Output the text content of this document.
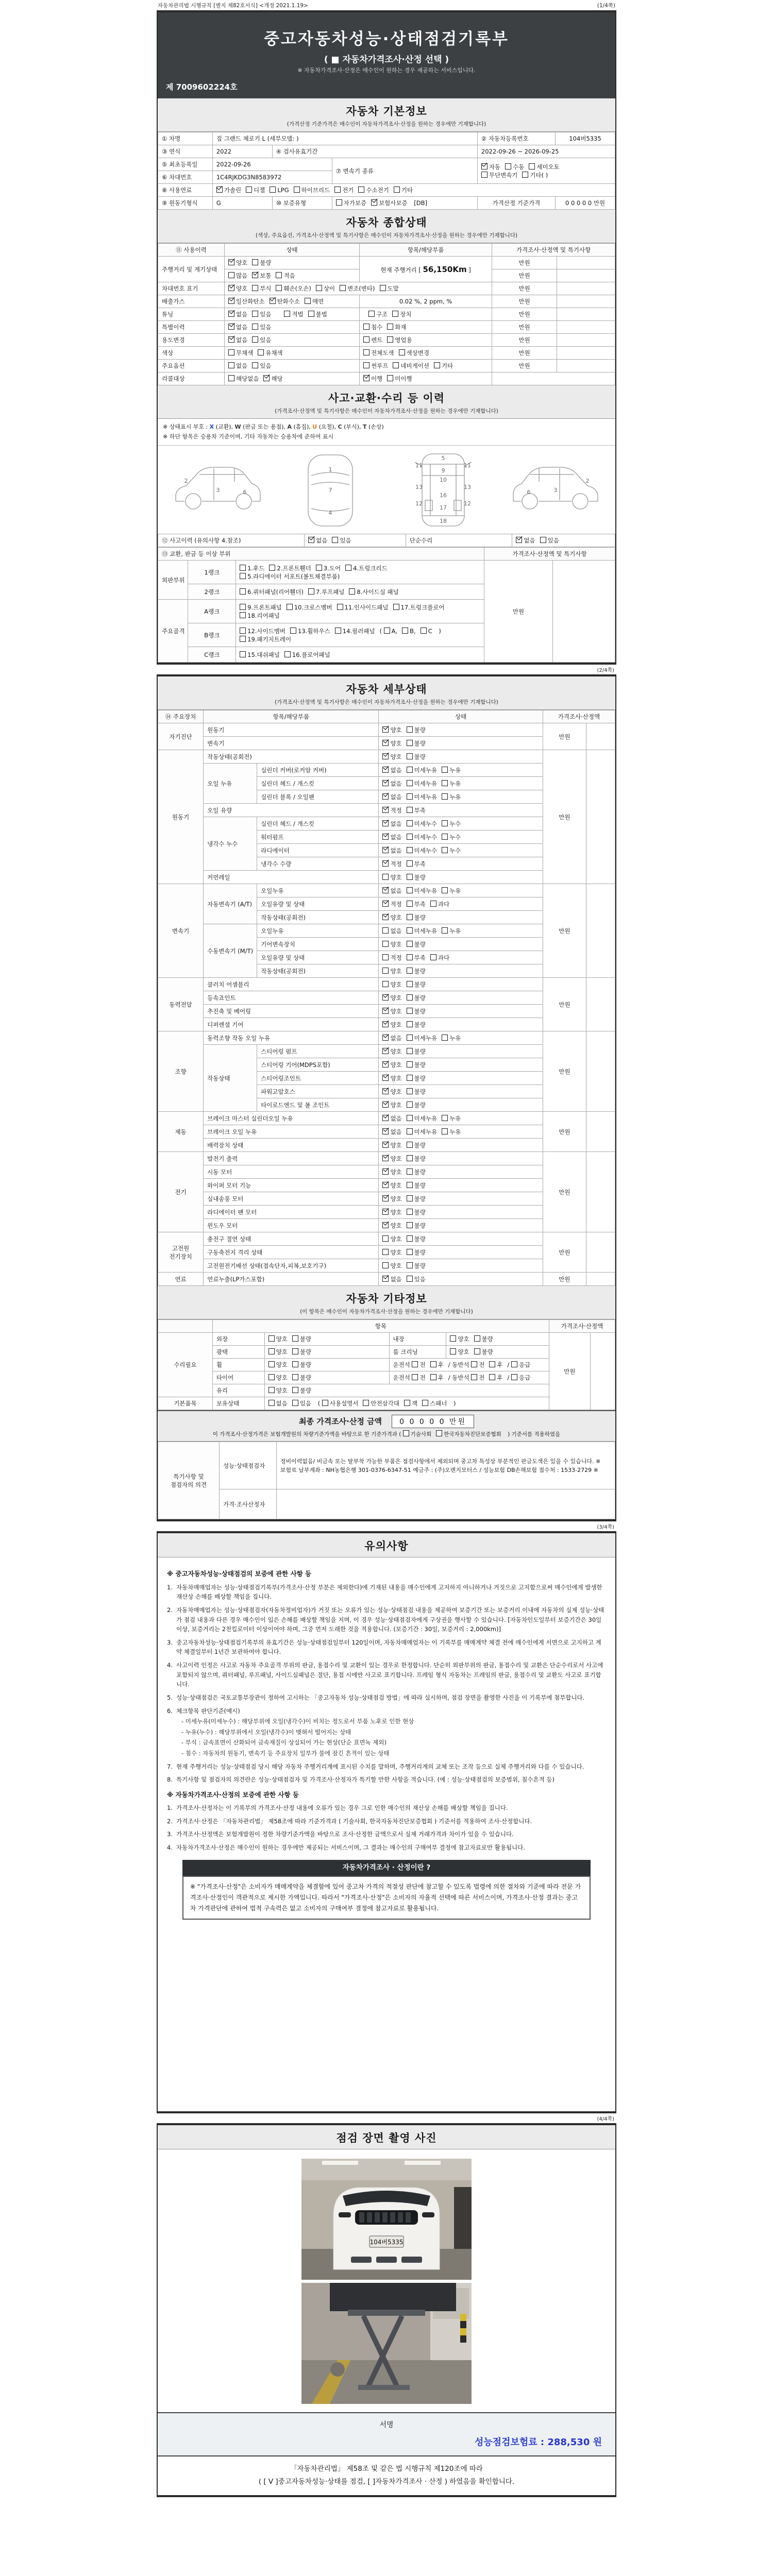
자동차관리법 시행규칙 [별지 제82호서식] <개정 2021.1.19>	(1/4쪽)
중고자동차성능·상태점검기록부
( ■ 자동차가격조사·산정 선택 )
※ 자동차가격조사·산정은 매수인이 원하는 경우 제공하는 서비스입니다.
제 7009602224호
자동차 기본정보
(가격산정 기준가격은 매수인이 자동차가격조사·산정을 원하는 경우에만 기재합니다)
① 차명	짚 그랜드 체로키 L (세부모델: )			② 자동차등록번호	104버5335
③ 연식	2022	④ 검사유효기간		2022-09-26 ~ 2026-09-25	
⑤ 최초등록일	2022-09-26		⑦ 변속기 종류	자동 수동 세미오토
무단변속기 기타( )	
⑥ 차대번호	1C4RJKDG3N8583972				
⑧ 사용연료	가솔린 디젤 LPG 하이브리드 전기 수소전기 기타				
⑨ 원동기형식	G	⑩ 보증유형	자가보증 보험사보증 [DB]	가격산정 기준가격	0 0 0 0 0 만원
자동차 종합상태
(색상, 주요옵션, 가격조사·산정액 및 특기사항은 매수인이 자동차가격조사·산정을 원하는 경우에만 기재합니다)
⑪ 사용이력	상태	항목/해당부품	가격조사·산정액 및 특기사항	
주행거리 및 계기상태	양호 불량	현재 주행거리 [ 56,150Km ]	만원	
	많음 보통 적음		만원	
차대번호 표기	양호 부식 훼손(오손) 상이 변조(변타) 도말		만원	
배출가스	일산화탄소 탄화수소 매연	0.02 %, 2 ppm, %	만원	
튜닝	없음 있음 적법 불법	구조 장치	만원	
특별이력	없음 있음	침수 화재	만원	
용도변경	없음 있음	렌트 영업용	만원	
색상	무채색 유채색	전체도색 색상변경	만원	
주요옵션	없음 있음	썬루프 네비게이션 기타	만원	
리콜대상	해당없음 해당	이행 미이행		
사고·교환·수리 등 이력
(가격조사·산정액 및 특기사항은 매수인이 자동차가격조사·산정을 원하는 경우에만 기재합니다)
※ 상태표시 부호 : X (교환), W (판금 또는 용접), A (흠집), U (요철), C (부식), T (손상)
※ 하단 항목은 승용차 기준이며, 기타 자동차는 승용차에 준하여 표시
2
3	6
1
7
4
5
11	11
9
10
13	13
16
12	12
17
18
2
3
6
⑫ 사고이력 (유의사항 4.참조)	없음 있음	단순수리	없음 있음
⑬ 교환, 판금 등 이상 부위			가격조사·산정액 및 특기사항	
외판부위	1랭크	1.후드 2.프론트휀더 3.도어 4.트렁크리드
5.라디에이터 서포트(볼트체결부품)	만원	
	2랭크	6.쿼터패널(리어휀더) 7.루프패널 8.사이드실 패널		
주요골격	A랭크	9.프론트패널 10.크로스멤버 11.인사이드패널 17.트렁크플로어
18.리어패널		
	B랭크	12.사이드멤버 13.휠하우스 14.필러패널 ( A, B, C )
19.패키지트레이		
	C랭크	15.대쉬패널 16.플로어패널		
(2/4쪽)
자동차 세부상태
(가격조사·산정액 및 특기사항은 매수인이 자동차가격조사·산정을 원하는 경우에만 기재합니다)
⑭ 주요장치	항목/해당부품		상태	가격조사·산정액	
자기진단	원동기		양호 불량	만원	
	변속기		양호 불량		
원동기	작동상태(공회전)		양호 불량	만원	
	오일 누유	실린더 커버(로커암 커버)	없음 미세누유 누유		
		실린더 헤드 / 개스킷	없음 미세누유 누유		
		실린더 블록 / 오일팬	없음 미세누유 누유		
	오일 유량		적정 부족		
	냉각수 누수	실린더 헤드 / 개스킷	없음 미세누수 누수		
		워터펌프	없음 미세누수 누수		
		라디에이터	없음 미세누수 누수		
		냉각수 수량	적정 부족		
	커먼레일		양호 불량		
변속기	자동변속기 (A/T)	오일누유	없음 미세누유 누유	만원	
		오일유량 및 상태	적정 부족 과다		
		작동상태(공회전)	양호 불량		
	수동변속기 (M/T)	오일누유	없음 미세누유 누유		
		기어변속장치	양호 불량		
		오일유량 및 상태	적정 부족 과다		
		작동상태(공회전)	양호 불량		
동력전달	클러치 어셈블리		양호 불량	만원	
	등속죠인트		양호 불량		
	추진축 및 베어링		양호 불량		
	디퍼렌셜 기어		양호 불량		
조향	동력조향 작동 오일 누유		없음 미세누유 누유	만원	
	작동상태	스티어링 펌프	양호 불량		
		스티어링 기어(MDPS포함)	양호 불량		
		스티어링조인트	양호 불량		
		파워고압호스	양호 불량		
		타이로드엔드 및 볼 조인트	양호 불량		
제동	브레이크 마스터 실린더오일 누유		없음 미세누유 누유	만원	
	브레이크 오일 누유		없음 미세누유 누유		
	배력장치 상태		양호 불량		
전기	발전기 출력		양호 불량	만원	
	시동 모터		양호 불량		
	와이퍼 모터 기능		양호 불량		
	실내송풍 모터		양호 불량		
	라디에이터 팬 모터		양호 불량		
	윈도우 모터		양호 불량		
고전원 전기장치	충전구 절연 상태		양호 불량	만원	
	구동축전지 격리 상태		양호 불량		
	고전원전기배선 상태(접속단자,피복,보호기구)		양호 불량		
연료	연료누출(LP가스포함)		없음 있음	만원	
자동차 기타정보
(이 항목은 매수인이 자동차가격조사·산정을 원하는 경우에만 기재합니다)
	항목				가격조사·산정액	
수리필요	외장	양호 불량	내장	양호 불량	만원	
	광택	양호 불량	룸 크리닝	양호 불량		
	휠	양호 불량	운전석 전 후 / 동반석 전 후 / 응급			
	타이어	양호 불량	운전석 전 후 / 동반석 전 후 / 응급			
	유리	양호 불량				
기본품목	보유상태	없음 있음 ( 사용설명서 안전삼각대 잭 스패너 )				
최종 가격조사·산정 금액 0 0 0 0 0 만원
이 가격조사·산정가격은 보험개발원의 차량기준가액을 바탕으로 한 기준가격과 ( 기술사회 한국자동차진단보증협회 ) 기준서를 적용하였음
특기사항 및 점검자의 의견	성능·상태점검자	정비이력없음/ 비금속 또는 탈부착 가능한 부품은 점검사항에서 제외되며 중고차 특성상 부분적인 판금도색은 있을 수 있습니다. ※보험료 납부계좌 : NH농협은행 301-0376-6347-51 예금주 : (주)오렌지모터스 / 성능보험 DB손해보험 접수처 : 1533-2729 ※
	가격·조사산정자	
(3/4쪽)
유의사항
※ 중고자동차성능·상태점검의 보증에 관한 사항 등
1. 자동차매매업자는 성능·상태점검기록부(가격조사·산정 부분은 제외한다)에 기재된 내용을 매수인에게 고지하지 아니하거나 거짓으로 고지함으로써 매수인에게 발생한 재산상 손해를 배상할 책임을 집니다.
2. 자동차매매업자는 성능·상태점검자(자동차정비업자)가 거짓 또는 오류가 있는 성능·상태점검 내용을 제공하여 보증기간 또는 보증거리 이내에 자동차의 실제 성능·상태가 점검 내용과 다른 경우 매수인이 입은 손해를 배상할 책임을 지며, 이 경우 성능·상태점검자에게 구상권을 행사할 수 있습니다. [자동차인도일부터 보증기간은 30일 이상, 보증거리는 2천킬로미터 이상이어야 하며, 그중 먼저 도래한 것을 적용합니다. (보증기간 : 30일, 보증거리 : 2,000km)]
3. 중고자동차성능·상태점검기록부의 유효기간은 성능·상태점검일부터 120일이며, 자동차매매업자는 이 기록부를 매매계약 체결 전에 매수인에게 서면으로 고지하고 계약 체결일부터 1년간 보관하여야 합니다.
4. 사고이력 인정은 사고로 자동차 주요골격 부위의 판금, 용접수리 및 교환이 있는 경우로 한정합니다. 단순히 외판부위의 판금, 용접수리 및 교환은 단순수리로서 사고에 포함되지 않으며, 쿼터패널, 루프패널, 사이드실패널은 절단, 용접 시에만 사고로 표기합니다. 프레임 형식 자동차는 프레임의 판금, 용접수리 및 교환도 사고로 표기합니다.
5. 성능·상태점검은 국토교통부장관이 정하여 고시하는 「중고자동차 성능·상태점검 방법」에 따라 실시하며, 점검 장면을 촬영한 사진을 이 기록부에 첨부합니다.
6. 체크항목 판단기준(예시)
- 미세누유(미세누수) : 해당부위에 오일(냉각수)이 비치는 정도로서 부품 노후로 인한 현상
- 누유(누수) : 해당부위에서 오일(냉각수)이 맺혀서 떨어지는 상태
- 부식 : 금속표면이 산화되어 금속재질이 상실되어 가는 현상(단순 표면녹 제외)
- 침수 : 자동차의 원동기, 변속기 등 주요장치 일부가 물에 잠긴 흔적이 있는 상태
7. 현재 주행거리는 성능·상태점검 당시 해당 자동차 주행거리계에 표시된 수치를 말하며, 주행거리계의 교체 또는 조작 등으로 실제 주행거리와 다를 수 있습니다.
8. 특기사항 및 점검자의 의견란은 성능·상태점검자 및 가격조사·산정자가 특기할 만한 사항을 적습니다. (예 : 성능·상태점검의 보증범위, 침수흔적 등)
※ 자동차가격조사·산정의 보증에 관한 사항 등
1. 가격조사·산정자는 이 기록부의 가격조사·산정 내용에 오류가 있는 경우 그로 인한 매수인의 재산상 손해를 배상할 책임을 집니다.
2. 가격조사·산정은 「자동차관리법」 제58조에 따라 기준가격과 ( 기술사회, 한국자동차진단보증협회 ) 기준서를 적용하여 조사·산정합니다.
3. 가격조사·산정액은 보험개발원이 정한 차량기준가액을 바탕으로 조사·산정한 금액으로서 실제 거래가격과 차이가 있을 수 있습니다.
4. 자동차가격조사·산정은 매수인이 원하는 경우에만 제공되는 서비스이며, 그 결과는 매수인의 구매여부 결정에 참고자료로만 활용됩니다.
자동차가격조사 · 산정이란 ?
※ "가격조사·산정"은 소비자가 매매계약을 체결함에 있어 중고차 가격의 적절성 판단에 참고할 수 있도록 법령에 의한 절차와 기준에 따라 전문 가격조사·산정인이 객관적으로 제시한 가액입니다. 따라서 "가격조사·산정"은 소비자의 자율적 선택에 따른 서비스이며, 가격조사·산정 결과는 중고차 가격판단에 관하여 법적 구속력은 없고 소비자의 구매여부 결정에 참고자료로 활용됩니다.
(4/4쪽)
점검 장면 촬영 사진
104버5335
서명
성능점검보험료 : 288,530 원
「자동차관리법」 제58조 및 같은 법 시행규칙 제120조에 따라
( [ V ]중고자동차성능·상태를 점검, [ ]자동차가격조사 · 산정 ) 하였음을 확인합니다.
